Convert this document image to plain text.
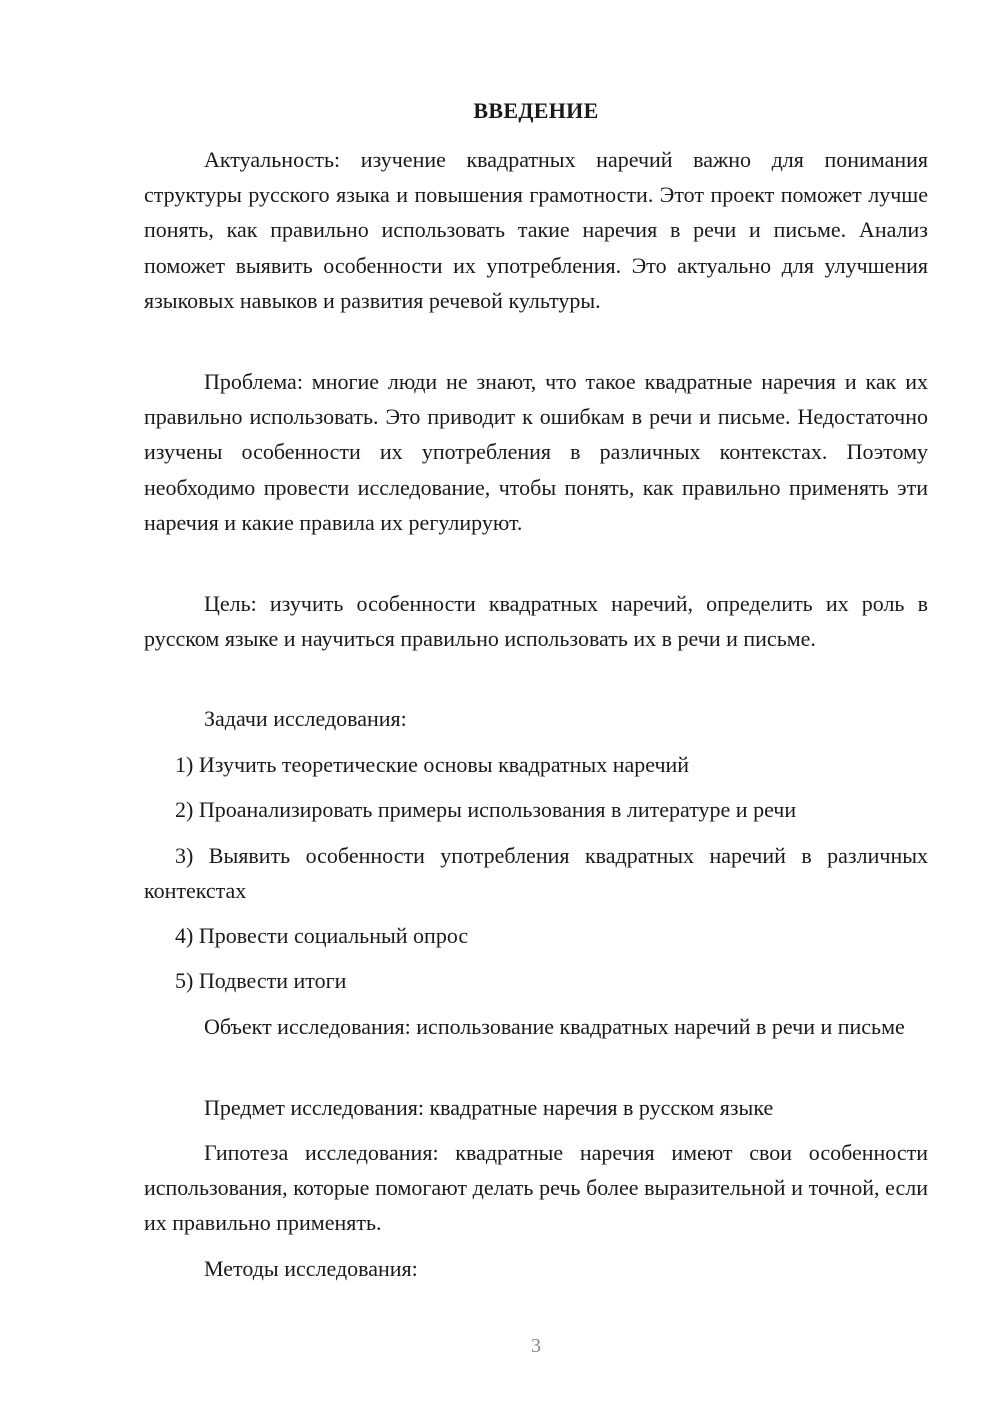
ВВЕДЕНИЕ

Актуальность: изучение квадратных наречий важно для понимания структуры русского языка и повышения грамотности. Этот проект поможет лучше понять, как правильно использовать такие наречия в речи и письме. Анализ поможет выявить особенности их употребления. Это актуально для улучшения языковых навыков и развития речевой культуры.

Проблема: многие люди не знают, что такое квадратные наречия и как их правильно использовать. Это приводит к ошибкам в речи и письме. Недостаточно изучены особенности их употребления в различных контекстах. Поэтому необходимо провести исследование, чтобы понять, как правильно применять эти наречия и какие правила их регулируют.

Цель: изучить особенности квадратных наречий, определить их роль в русском языке и научиться правильно использовать их в речи и письме.

Задачи исследования:

1) Изучить теоретические основы квадратных наречий

2) Проанализировать примеры использования в литературе и речи

3) Выявить особенности употребления квадратных наречий в различных контекстах

4) Провести социальный опрос

5) Подвести итоги

Объект исследования: использование квадратных наречий в речи и письме

Предмет исследования: квадратные наречия в русском языке

Гипотеза исследования: квадратные наречия имеют свои особенности использования, которые помогают делать речь более выразительной и точной, если их правильно применять.

Методы исследования:

3
